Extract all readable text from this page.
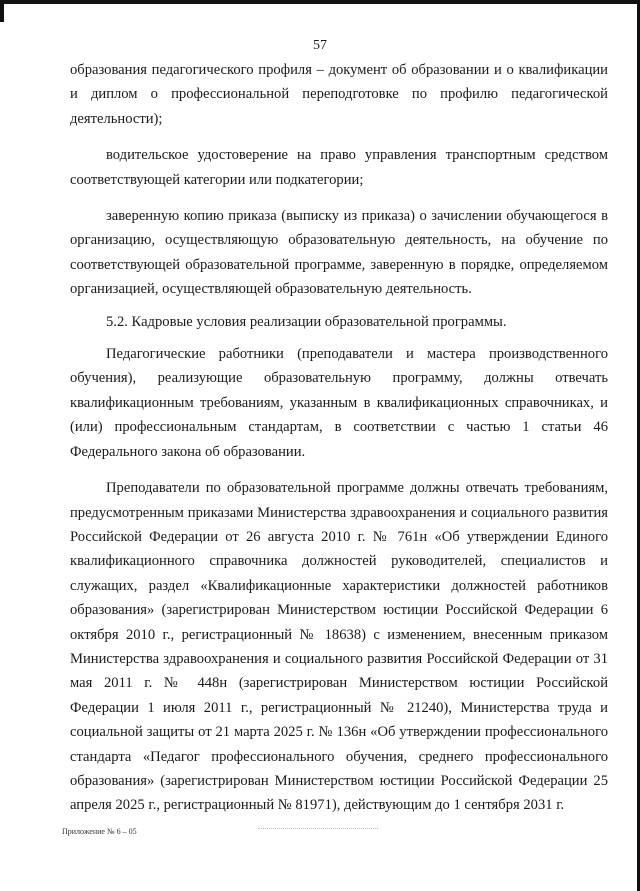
57

образования педагогического профиля – документ об образовании и о квалификации и диплом о профессиональной переподготовке по профилю педагогической деятельности);

водительское удостоверение на право управления транспортным средством соответствующей категории или подкатегории;

заверенную копию приказа (выписку из приказа) о зачислении обучающегося в организацию, осуществляющую образовательную деятельность, на обучение по соответствующей образовательной программе, заверенную в порядке, определяемом организацией, осуществляющей образовательную деятельность.

5.2. Кадровые условия реализации образовательной программы.

Педагогические работники (преподаватели и мастера производственного обучения), реализующие образовательную программу, должны отвечать квалификационным требованиям, указанным в квалификационных справочниках, и (или) профессиональным стандартам, в соответствии с частью 1 статьи 46 Федерального закона об образовании.

Преподаватели по образовательной программе должны отвечать требованиям, предусмотренным приказами Министерства здравоохранения и социального развития Российской Федерации от 26 августа 2010 г. № 761н «Об утверждении Единого квалификационного справочника должностей руководителей, специалистов и служащих, раздел «Квалификационные характеристики должностей работников образования» (зарегистрирован Министерством юстиции Российской Федерации 6 октября 2010 г., регистрационный № 18638) с изменением, внесенным приказом Министерства здравоохранения и социального развития Российской Федерации от 31 мая 2011 г. № 448н (зарегистрирован Министерством юстиции Российской Федерации 1 июля 2011 г., регистрационный № 21240), Министерства труда и социальной защиты от 21 марта 2025 г. № 136н «Об утверждении профессионального стандарта «Педагог профессионального обучения, среднего профессионального образования» (зарегистрирован Министерством юстиции Российской Федерации 25 апреля 2025 г., регистрационный № 81971), действующим до 1 сентября 2031 г.

Приложение № 6 – 05
